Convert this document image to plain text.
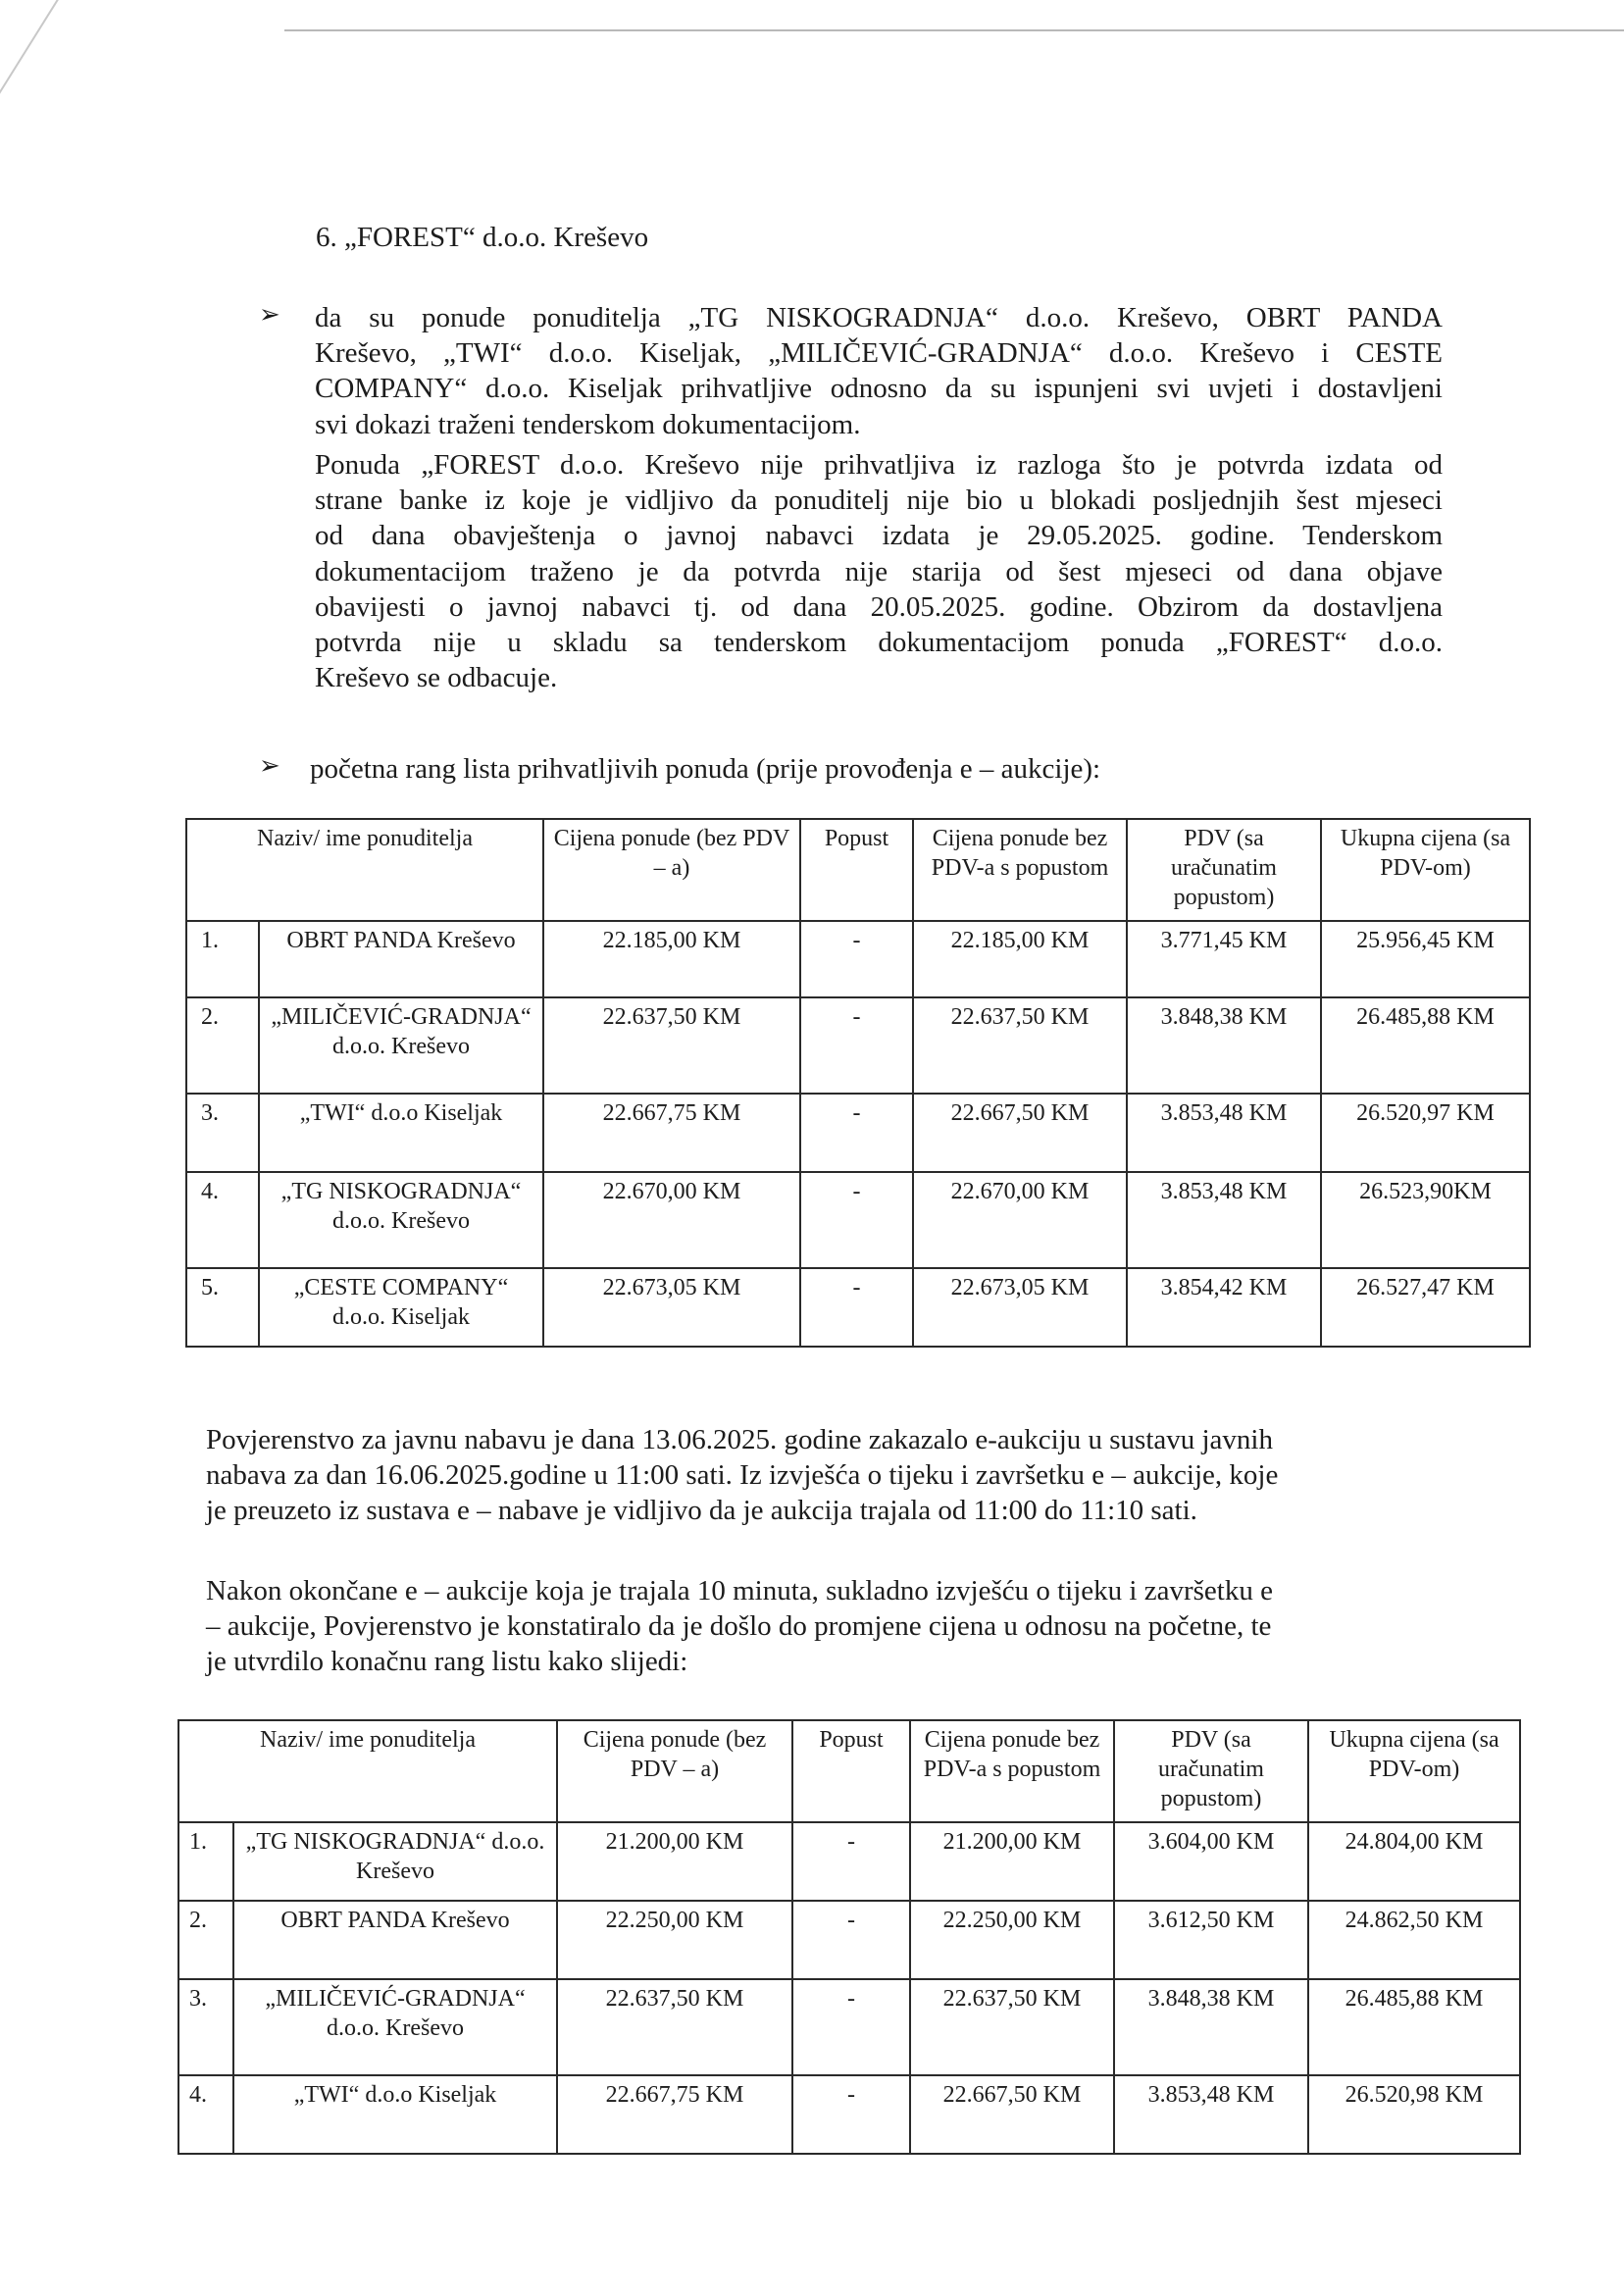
6. „FOREST“ d.o.o. Kreševo
➢ da su ponude ponuditelja „TG NISKOGRADNJA“ d.o.o. Kreševo, OBRT PANDA
Kreševo, „TWI“ d.o.o. Kiseljak, „MILIČEVIĆ-GRADNJA“ d.o.o. Kreševo i CESTE
COMPANY“ d.o.o. Kiseljak prihvatljive odnosno da su ispunjeni svi uvjeti i dostavljeni
svi dokazi traženi tenderskom dokumentacijom.
Ponuda „FOREST d.o.o. Kreševo nije prihvatljiva iz razloga što je potvrda izdata od
strane banke iz koje je vidljivo da ponuditelj nije bio u blokadi posljednjih šest mjeseci
od dana obavještenja o javnoj nabavci izdata je 29.05.2025. godine. Tenderskom
dokumentacijom traženo je da potvrda nije starija od šest mjeseci od dana objave
obavijesti o javnoj nabavci tj. od dana 20.05.2025. godine. Obzirom da dostavljena
potvrda nije u skladu sa tenderskom dokumentacijom ponuda „FOREST“ d.o.o.
Kreševo se odbacuje.
➢ početna rang lista prihvatljivih ponuda (prije provođenja e – aukcije):
Naziv/ ime ponuditelja		Cijena ponude (bez PDV – a)	Popust	Cijena ponude bez PDV-a s popustom	PDV (sa uračunatim popustom)	Ukupna cijena (sa PDV-om)
1.	OBRT PANDA Kreševo	22.185,00 KM	-	22.185,00 KM	3.771,45 KM	25.956,45 KM
2.	„MILIČEVIĆ-GRADNJA“ d.o.o. Kreševo	22.637,50 KM	-	22.637,50 KM	3.848,38 KM	26.485,88 KM
3.	„TWI“ d.o.o Kiseljak	22.667,75 KM	-	22.667,50 KM	3.853,48 KM	26.520,97 KM
4.	„TG NISKOGRADNJA“ d.o.o. Kreševo	22.670,00 KM	-	22.670,00 KM	3.853,48 KM	26.523,90KM
5.	„CESTE COMPANY“ d.o.o. Kiseljak	22.673,05 KM	-	22.673,05 KM	3.854,42 KM	26.527,47 KM
Povjerenstvo za javnu nabavu je dana 13.06.2025. godine zakazalo e-aukciju u sustavu javnih
nabava za dan 16.06.2025.godine u 11:00 sati. Iz izvješća o tijeku i završetku e – aukcije, koje
je preuzeto iz sustava e – nabave je vidljivo da je aukcija trajala od 11:00 do 11:10 sati.
Nakon okončane e – aukcije koja je trajala 10 minuta, sukladno izvješću o tijeku i završetku e
– aukcije, Povjerenstvo je konstatiralo da je došlo do promjene cijena u odnosu na početne, te
je utvrdilo konačnu rang listu kako slijedi:
Naziv/ ime ponuditelja		Cijena ponude (bez PDV – a)	Popust	Cijena ponude bez PDV-a s popustom	PDV (sa uračunatim popustom)	Ukupna cijena (sa PDV-om)
1.	„TG NISKOGRADNJA“ d.o.o. Kreševo	21.200,00 KM	-	21.200,00 KM	3.604,00 KM	24.804,00 KM
2.	OBRT PANDA Kreševo	22.250,00 KM	-	22.250,00 KM	3.612,50 KM	24.862,50 KM
3.	„MILIČEVIĆ-GRADNJA“ d.o.o. Kreševo	22.637,50 KM	-	22.637,50 KM	3.848,38 KM	26.485,88 KM
4.	„TWI“ d.o.o Kiseljak	22.667,75 KM	-	22.667,50 KM	3.853,48 KM	26.520,98 KM
